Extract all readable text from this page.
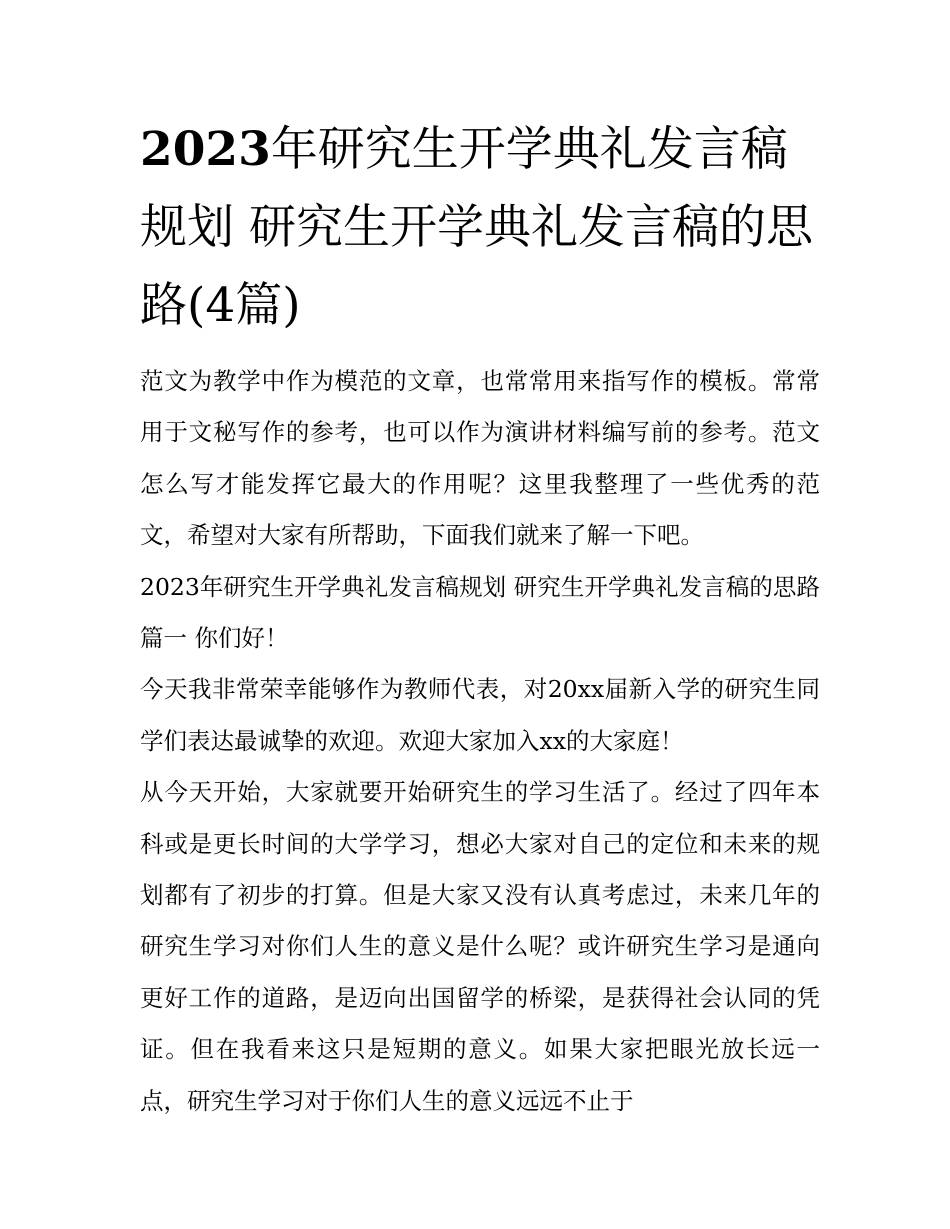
2023年研究生开学典礼发言稿规划 研究生开学典礼发言稿的思路(4篇)

范文为教学中作为模范的文章，也常常用来指写作的模板。常常用于文秘写作的参考，也可以作为演讲材料编写前的参考。范文怎么写才能发挥它最大的作用呢？这里我整理了一些优秀的范文，希望对大家有所帮助，下面我们就来了解一下吧。

2023年研究生开学典礼发言稿规划 研究生开学典礼发言稿的思路篇一 你们好！

今天我非常荣幸能够作为教师代表，对20xx届新入学的研究生同学们表达最诚挚的欢迎。欢迎大家加入xx的大家庭！

从今天开始，大家就要开始研究生的学习生活了。经过了四年本科或是更长时间的大学学习，想必大家对自己的定位和未来的规划都有了初步的打算。但是大家又没有认真考虑过，未来几年的研究生学习对你们人生的意义是什么呢？或许研究生学习是通向更好工作的道路，是迈向出国留学的桥梁，是获得社会认同的凭证。但在我看来这只是短期的意义。如果大家把眼光放长远一点，研究生学习对于你们人生的意义远远不止于
